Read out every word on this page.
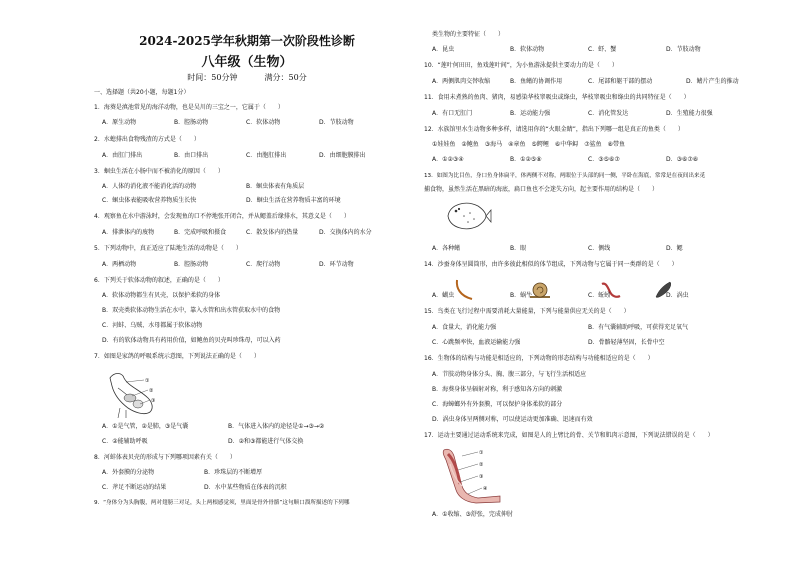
2024-2025学年秋期第一次阶段性诊断
八年级（生物）
时间：50分钟	满分：50分
一、选择题（共20小题，每题1分）
1．海葵是滇池常见的海洋动物，也是吴川的三宝之一，它属于（　　）
A．原生动物	B．腔肠动物	C．软体动物	D．节肢动物
2．水螅排出食物残渣的方式是（　　）
A．由肛门排出	B．由口排出	C．由胞肛排出	D．由细胞膜排出
3．蛔虫生活在小肠中而不被消化的原因（　　）
A．人体的消化液不能消化活的动物	B．蛔虫体表有角质层
C．蛔虫体表能吸收营养物质生长快	D．蛔虫生活在营养物质丰富的环境
4．观察鱼在水中游泳时，会发现鱼的口不停地张开闭合，并从鳃盖后缘排水，其意义是（　　）
A．排泄体内的废物	B．完成呼吸和摄食	C．散发体内的热量	D．交换体内的水分
5．下列动物中，真正适应了陆地生活的动物是（　　）
A．两栖动物	B．腔肠动物	C．爬行动物	D．环节动物
6．下列关于软体动物的叙述，正确的是（　　）
A．软体动物都生有贝壳，以保护柔软的身体
B．双壳类软体动物生活在水中，靠入水管和出水管获取水中的食物
C．河蚌、乌贼、水母都属于软体动物
D．有的软体动物具有药用价值，如鲍鱼的贝壳叫珍珠母，可以入药
7．如图是家鸽的呼吸系统示意图，下列说法正确的是（　　）
①
②
③
A．①是气管，②是肺，③是气囊	B．气体进入体内的途径是①→③→②
C．②能辅助呼吸	D．②和③都能进行气体交换
8．河蚌体表贝壳的形成与下列哪项因素有关（　　）
A．外套膜的分泌物	B．珍珠层的不断增厚
C．斧足不断运动的结果	D．水中某些物质在体表的沉积
9．“身体分为头胸腹，两对翅膀三对足，头上两根感觉须，里面是骨外骨骼”这句顺口溜所描述的下列哪
类生物的主要特征（　　）
A．昆虫	B．软体动物	C．虾、蟹	D．节肢动物
10．“莲叶何田田，鱼戏莲叶间”，为小鱼游泳提供主要动力的是（　　）
A．两侧肌肉交替收缩	B．鱼鳍的协调作用	C．尾部和躯干部的摆动	D．鳍片产生的推动
11．食用未煮熟的鱼肉、猪肉，易感染华枝睾吸虫或绦虫，华枝睾吸虫和绦虫的共同特征是（　　）
A．有口无肛门	B．运动能力强	C．消化管发达	D．生殖能力很强
12．水族馆里水生动物多种多样，请选用你的“火眼金睛”，指出下列哪一组是真正的鱼类（　　）
①娃娃鱼　②鲍鱼　③海马　④章鱼　⑤鳄鲤　⑥中华鲟　⑦鲨鱼　⑧带鱼
A．①②③④	B．①②⑤⑧	C．③⑤⑥⑦	D．③⑥⑦⑧
13．如图为比目鱼，身口鱼身体扁平，体两侧不对称，两眼位于头部的同一侧，平卧在海底，常常是在夜间出来觅
捕食物，虽然生活在黑暗的海底，扁口鱼也不会迷失方向，起主要作用的结构是（　　）
A．各种鳍	B．眼	C．侧线	D．鳃
14．沙蚕身体呈圆筒形，由许多彼此相似的体节组成，下列动物与它属于同一类群的是（　　）
A．蝴虫	B．蜗牛	C．蚯蚓	D．涡虫
15．鸟类在飞行过程中需要消耗大量能量，下列与能量供应无关的是（　　）
A．食量大，消化能力强	B．有气囊辅助呼吸，可获得充足氧气
C．心跳频率快，血液运输能力强	D．骨骼轻薄坚固，长骨中空
16．生物体的结构与功能是相适应的，下列动物的形态结构与功能相适应的是（　　）
A．节肢动物身体分头、胸、腹三部分，与飞行生活相适应
B．海葵身体呈辐射对称，利于感知各方向的刺激
C．海蟑螂外有外套膜，可以保护身体柔软的部分
D．涡虫身体呈两侧对称，可以使运动更加准确、迅速而有效
17．运动主要通过运动系统来完成，如图是人的上臂比的骨、关节和肌肉示意图，下列说法错误的是（　　）
①
②
③
④
A．①收缩、③舒张，完成伸肘
